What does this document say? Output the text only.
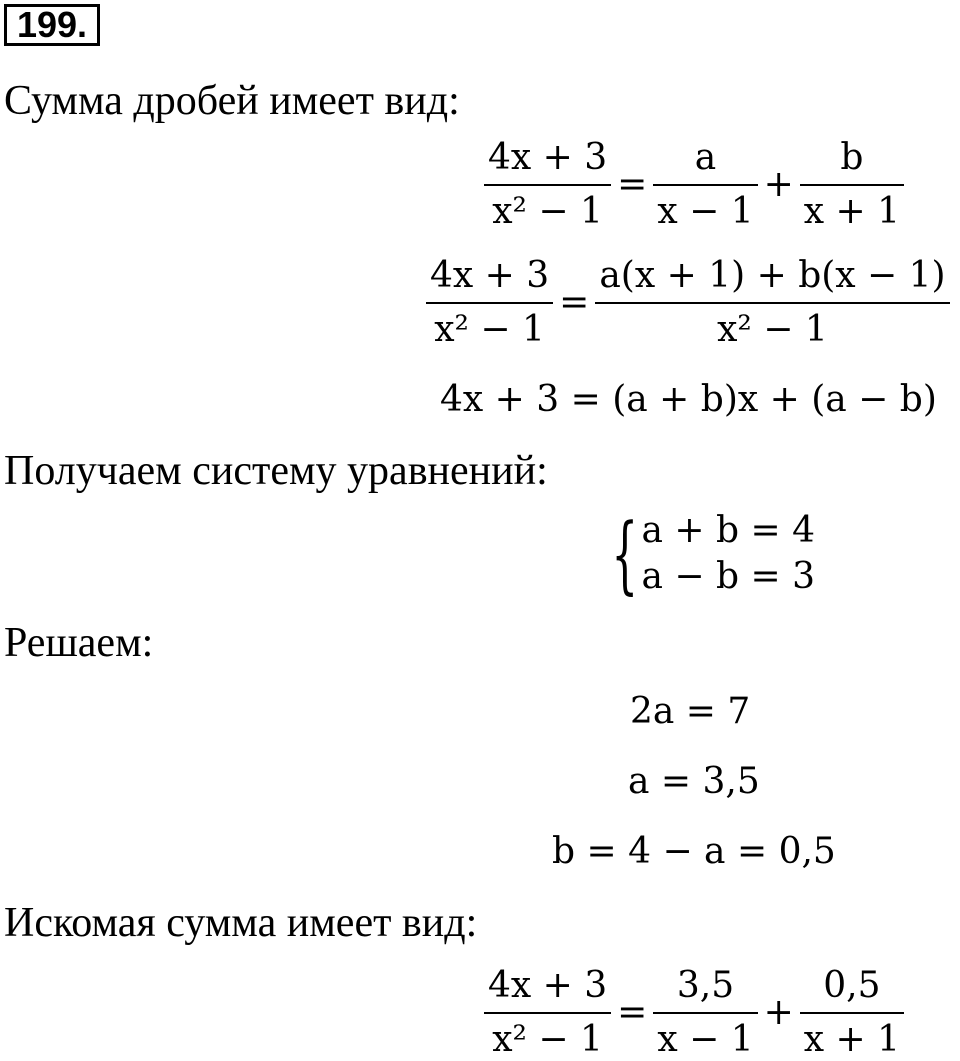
199.
Сумма дробей имеет вид:
$\frac{4x + 3}{\text{x² − 1}} = \frac{a}{x - 1} + \frac{b}{x + 1}$
$\frac{4x + 3}{\text{x² − 1}} = \frac{a(x + 1) + b(x - 1)}{\text{x² − 1}}$
4x + 3 = (a + b)x + (a − b)
Получаем систему уравнений:
{ a + b = 4
a − b = 3
Решаем:
2a = 7
a = 3,5
b = 4 − a = 0,5
Искомая сумма имеет вид:
$\frac{4x + 3}{\text{x² − 1}} = \frac{3,5}{x - 1} + \frac{0,5}{x + 1}$
